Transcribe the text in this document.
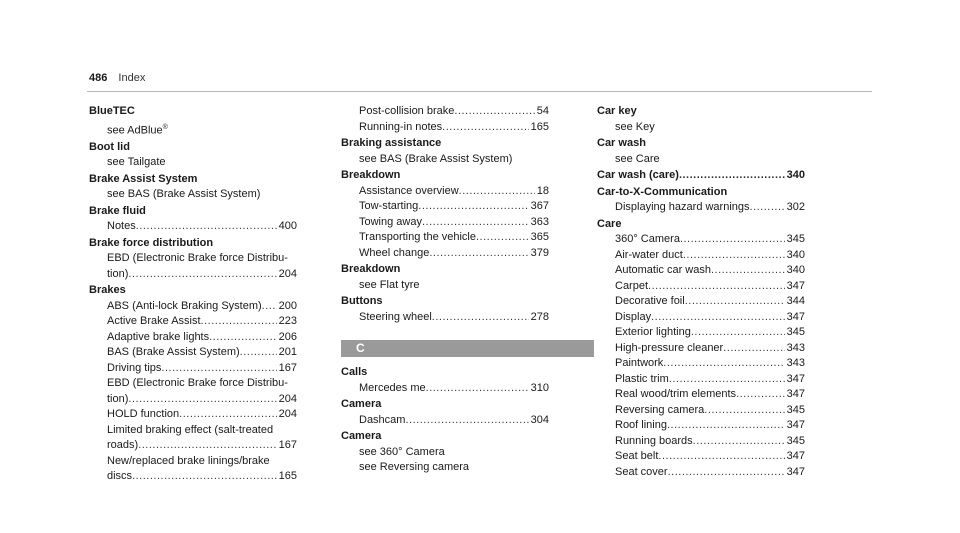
486 Index
BlueTEC
see AdBlue®
Boot lid
see Tailgate
Brake Assist System
see BAS (Brake Assist System)
Brake fluid
Notes .....	400
Brake force distribution
EBD (Electronic Brake force Distribu-
tion) .....	204
Brakes
ABS (Anti-lock Braking System) ..... 200
Active Brake Assist .....	223
Adaptive brake lights .....	206
BAS (Brake Assist System) .....	201
Driving tips .....	167
EBD (Electronic Brake force Distribu-
tion) .....	204
HOLD function .....	204
Limited braking effect (salt-treated
roads) .....	167
New/replaced brake linings/brake
discs .....	165
Post-collision brake .....	54
Running-in notes .....	165
Braking assistance
see BAS (Brake Assist System)
Breakdown
Assistance overview .....	18
Tow-starting .....	367
Towing away .....	363
Transporting the vehicle .....	365
Wheel change .....	379
Breakdown
see Flat tyre
Buttons
Steering wheel .....	278
C
Calls
Mercedes me .....	310
Camera
Dashcam .....	304
Camera
see 360° Camera
see Reversing camera
Car key
see Key
Car wash
see Care
Car wash (care) .....	340
Car-to-X-Communication
Displaying hazard warnings .....	302
Care
360° Camera .....	345
Air-water duct .....	340
Automatic car wash .....	340
Carpet .....	347
Decorative foil .....	344
Display .....	347
Exterior lighting .....	345
High-pressure cleaner .....	343
Paintwork .....	343
Plastic trim .....	347
Real wood/trim elements .....	347
Reversing camera .....	345
Roof lining .....	347
Running boards .....	345
Seat belt .....	347
Seat cover .....	347
